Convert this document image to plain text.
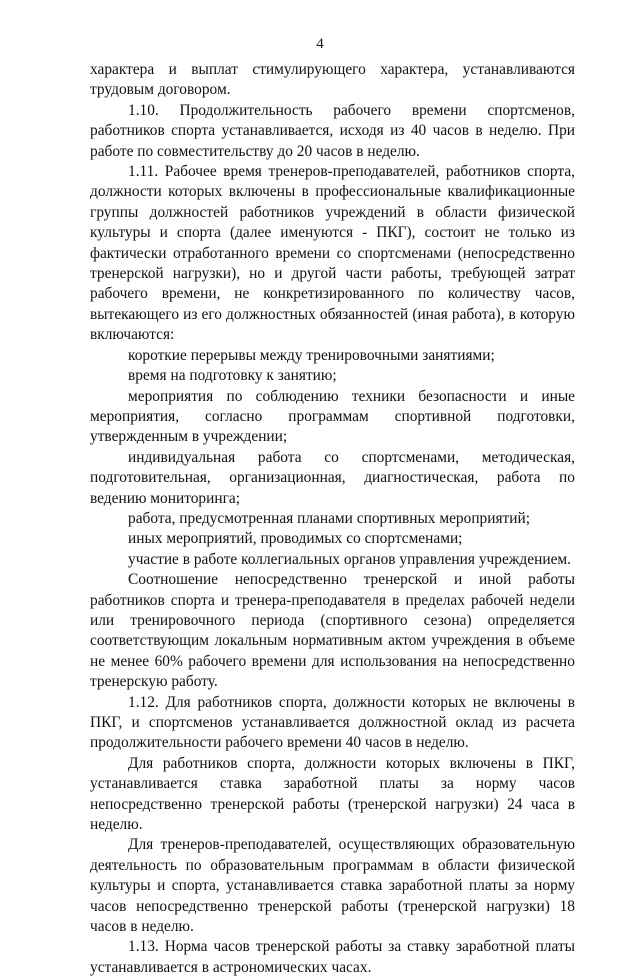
4

характера и выплат стимулирующего характера, устанавливаются трудовым договором.

1.10. Продолжительность рабочего времени спортсменов, работников спорта устанавливается, исходя из 40 часов в неделю. При работе по совместительству до 20 часов в неделю.

1.11. Рабочее время тренеров-преподавателей, работников спорта, должности которых включены в профессиональные квалификационные группы должностей работников учреждений в области физической культуры и спорта (далее именуются - ПКГ), состоит не только из фактически отработанного времени со спортсменами (непосредственно тренерской нагрузки), но и другой части работы, требующей затрат рабочего времени, не конкретизированного по количеству часов, вытекающего из его должностных обязанностей (иная работа), в которую включаются:

короткие перерывы между тренировочными занятиями;

время на подготовку к занятию;

мероприятия по соблюдению техники безопасности и иные мероприятия, согласно программам спортивной подготовки, утвержденным в учреждении;

индивидуальная работа со спортсменами, методическая, подготовительная, организационная, диагностическая, работа по ведению мониторинга;

работа, предусмотренная планами спортивных мероприятий;

иных мероприятий, проводимых со спортсменами;

участие в работе коллегиальных органов управления учреждением.

Соотношение непосредственно тренерской и иной работы работников спорта и тренера-преподавателя в пределах рабочей недели или тренировочного периода (спортивного сезона) определяется соответствующим локальным нормативным актом учреждения в объеме не менее 60% рабочего времени для использования на непосредственно тренерскую работу.

1.12. Для работников спорта, должности которых не включены в ПКГ, и спортсменов устанавливается должностной оклад из расчета продолжительности рабочего времени 40 часов в неделю.

Для работников спорта, должности которых включены в ПКГ, устанавливается ставка заработной платы за норму часов непосредственно тренерской работы (тренерской нагрузки) 24 часа в неделю.

Для тренеров-преподавателей, осуществляющих образовательную деятельность по образовательным программам в области физической культуры и спорта, устанавливается ставка заработной платы за норму часов непосредственно тренерской работы (тренерской нагрузки) 18 часов в неделю.

1.13. Норма часов тренерской работы за ставку заработной платы устанавливается в астрономических часах.
